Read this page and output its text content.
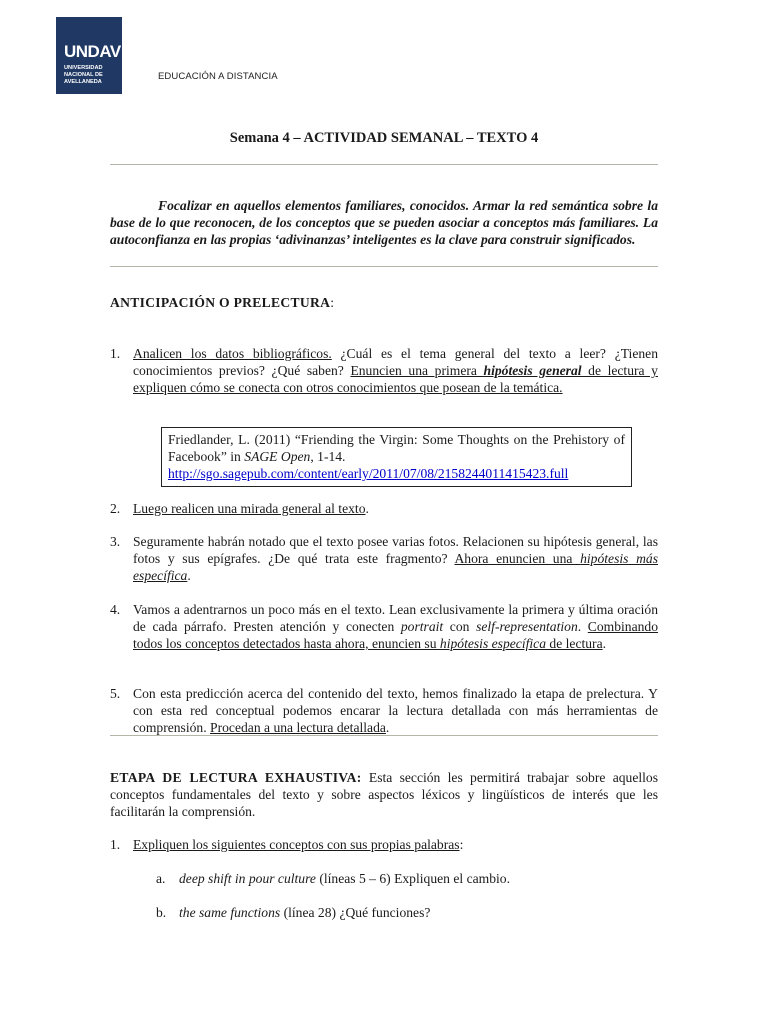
UNDAV
UNIVERSIDAD
NACIONAL DE
AVELLANEDA	EDUCACIÓN A DISTANCIA
Semana 4 – ACTIVIDAD SEMANAL – TEXTO 4
Focalizar en aquellos elementos familiares, conocidos. Armar la red semántica sobre la base de lo que reconocen, de los conceptos que se pueden asociar a conceptos más familiares. La autoconfianza en las propias ‘adivinanzas’ inteligentes es la clave para construir significados.
ANTICIPACIÓN O PRELECTURA:
1. Analicen los datos bibliográficos. ¿Cuál es el tema general del texto a leer? ¿Tienen conocimientos previos? ¿Qué saben? Enuncien una primera hipótesis general de lectura y expliquen cómo se conecta con otros conocimientos que posean de la temática.
Friedlander, L. (2011) “Friending the Virgin: Some Thoughts on the Prehistory of Facebook” in SAGE Open, 1-14.
http://sgo.sagepub.com/content/early/2011/07/08/2158244011415423.full
2. Luego realicen una mirada general al texto.
3. Seguramente habrán notado que el texto posee varias fotos. Relacionen su hipótesis general, las fotos y sus epígrafes. ¿De qué trata este fragmento? Ahora enuncien una hipótesis más específica.
4. Vamos a adentrarnos un poco más en el texto. Lean exclusivamente la primera y última oración de cada párrafo. Presten atención y conecten portrait con self-representation. Combinando todos los conceptos detectados hasta ahora, enuncien su hipótesis específica de lectura.
5. Con esta predicción acerca del contenido del texto, hemos finalizado la etapa de prelectura. Y con esta red conceptual podemos encarar la lectura detallada con más herramientas de comprensión. Procedan a una lectura detallada.
ETAPA DE LECTURA EXHAUSTIVA: Esta sección les permitirá trabajar sobre aquellos conceptos fundamentales del texto y sobre aspectos léxicos y lingüísticos de interés que les facilitarán la comprensión.
1. Expliquen los siguientes conceptos con sus propias palabras:
a. deep shift in pour culture (líneas 5 – 6) Expliquen el cambio.
b. the same functions (línea 28) ¿Qué funciones?
